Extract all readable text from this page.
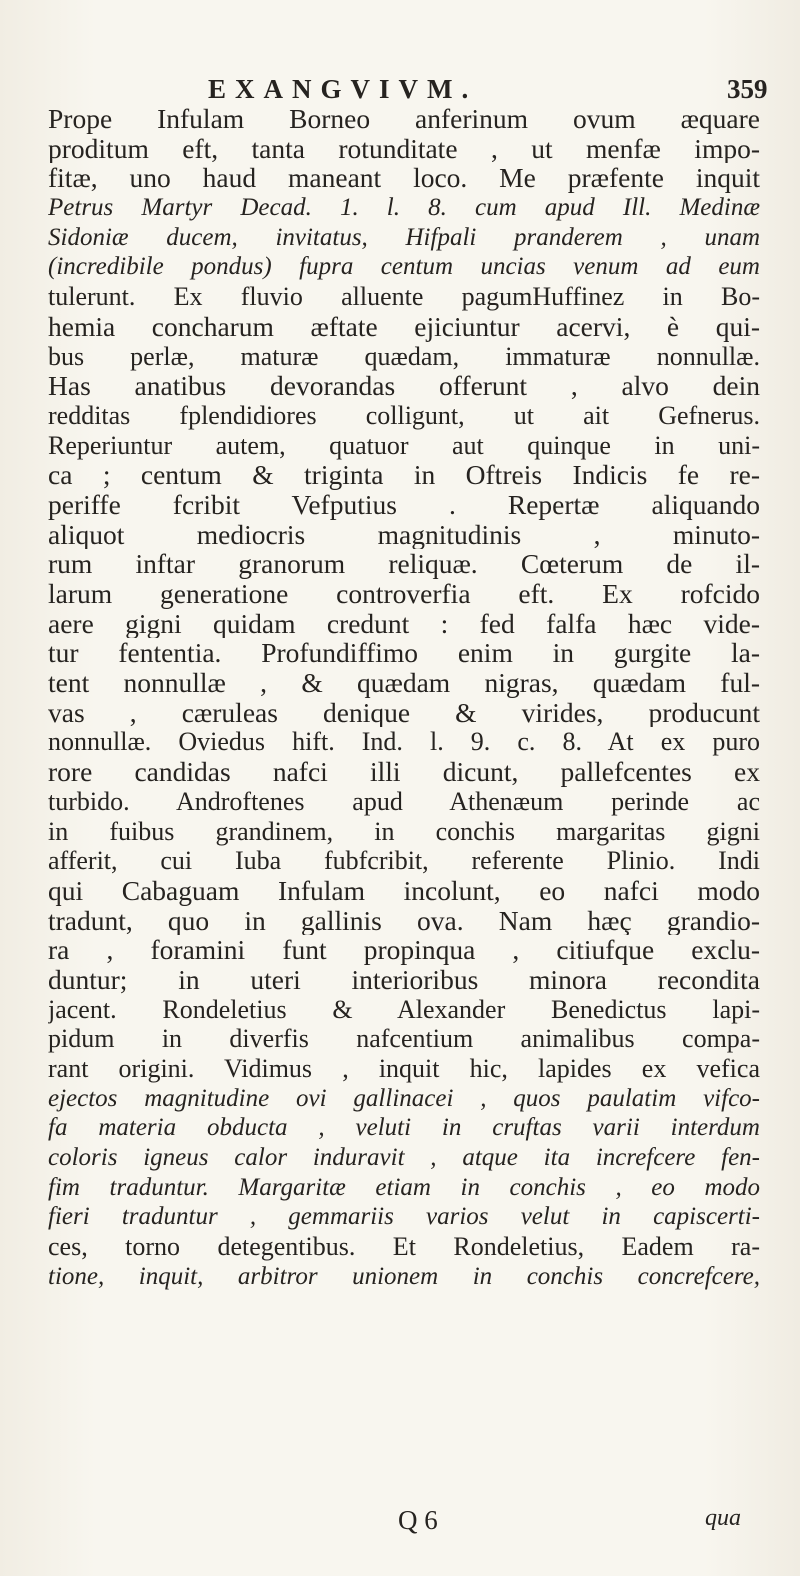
EXANGVIVM.	359
Prope Infulam Borneo anferinum ovum æquare
proditum eft, tanta rotunditate , ut menfæ impo-
fitæ, uno haud maneant loco. Me præfente inquit
Petrus Martyr Decad. 1. l. 8. cum apud Ill. Medinæ
Sidoniæ ducem, invitatus, Hifpali pranderem , unam
(incredibile pondus) fupra centum uncias venum ad eum
tulerunt. Ex fluvio alluente pagumHuffinez in Bo-
hemia concharum æftate ejiciuntur acervi, è qui-
bus perlæ, maturæ quædam, immaturæ nonnullæ.
Has anatibus devorandas offerunt , alvo dein
redditas fplendidiores colligunt, ut ait Gefnerus.
Reperiuntur autem, quatuor aut quinque in uni-
ca ; centum & triginta in Oftreis Indicis fe re-
periffe fcribit Vefputius . Repertæ aliquando
aliquot mediocris magnitudinis , minuto-
rum inftar granorum reliquæ. Cœterum de il-
larum generatione controverfia eft. Ex rofcido
aere gigni quidam credunt : fed falfa hæc vide-
tur fententia. Profundiffimo enim in gurgite la-
tent nonnullæ , & quædam nigras, quædam ful-
vas , cæruleas denique & virides, producunt
nonnullæ. Oviedus hift. Ind. l. 9. c. 8. At ex puro
rore candidas nafci illi dicunt, pallefcentes ex
turbido. Androftenes apud Athenæum perinde ac
in fuibus grandinem, in conchis margaritas gigni
afferit, cui Iuba fubfcribit, referente Plinio. Indi
qui Cabaguam Infulam incolunt, eo nafci modo
tradunt, quo in gallinis ova. Nam hæç grandio-
ra , foramini funt propinqua , citiufque exclu-
duntur; in uteri interioribus minora recondita
jacent. Rondeletius & Alexander Benedictus lapi-
pidum in diverfis nafcentium animalibus compa-
rant origini. Vidimus , inquit hic, lapides ex vefica
ejectos magnitudine ovi gallinacei , quos paulatim vifco-
fa materia obducta , veluti in cruftas varii interdum
coloris igneus calor induravit , atque ita increfcere fen-
fim traduntur. Margaritæ etiam in conchis , eo modo
fieri traduntur , gemmariis varios velut in capiscerti-
ces, torno detegentibus. Et Rondeletius, Eadem ra-
tione, inquit, arbitror unionem in conchis concrefcere,
Q 6	qua
